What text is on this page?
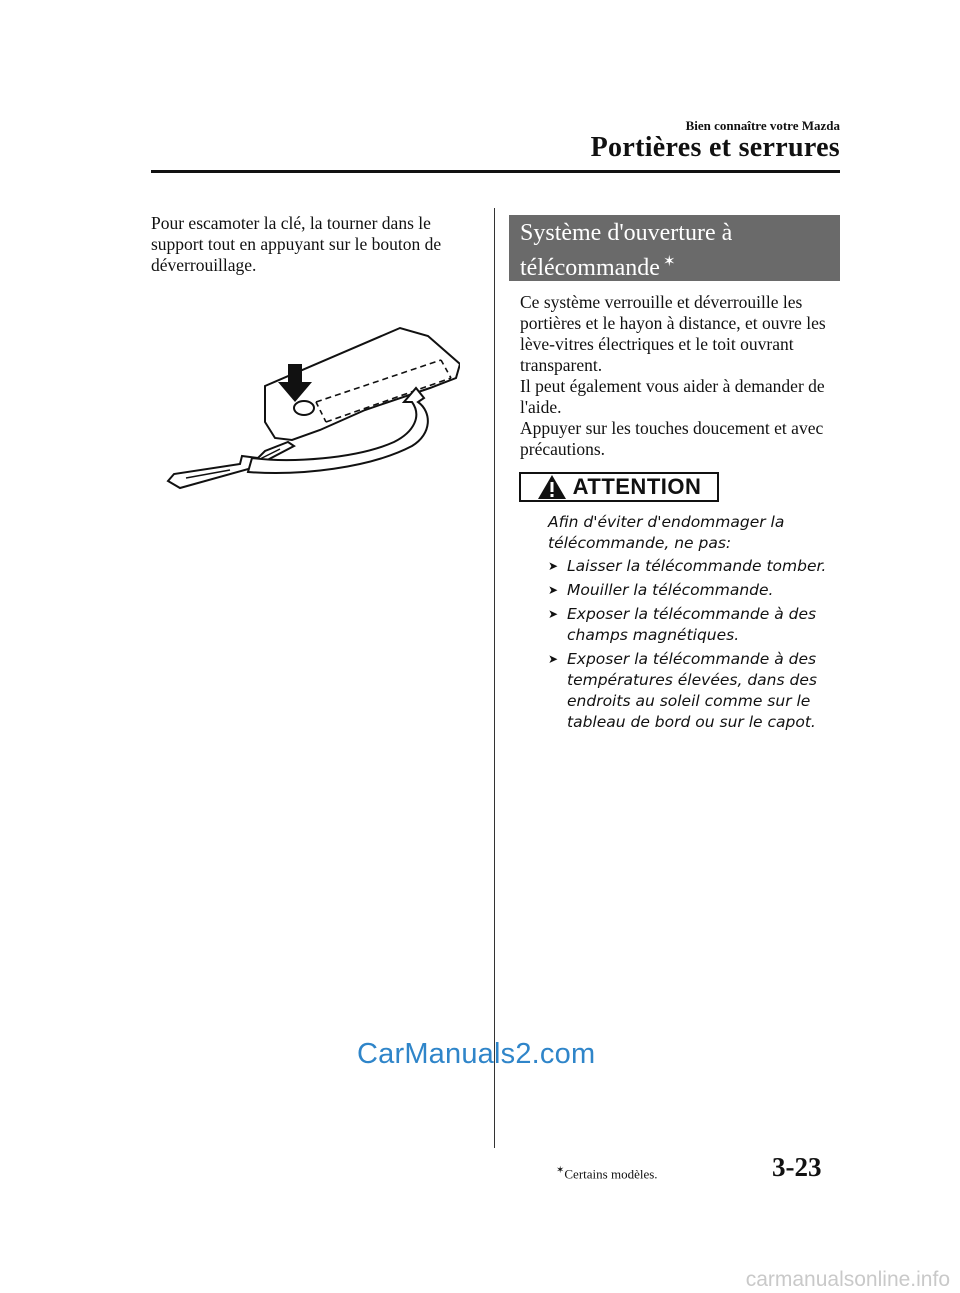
Bien connaître votre Mazda
Portières et serrures
Pour escamoter la clé, la tourner dans le support tout en appuyant sur le bouton de déverrouillage.
Système d'ouverture à télécommande ✶

Ce système verrouille et déverrouille les portières et le hayon à distance, et ouvre les lève-vitres électriques et le toit ouvrant transparent.

Il peut également vous aider à demander de l'aide.

Appuyer sur les touches doucement et avec précautions.

ATTENTION
Afin d'éviter d'endommager la télécommande, ne pas:
➤ Laisser la télécommande tomber.
➤ Mouiller la télécommande.
➤ Exposer la télécommande à des champs magnétiques.
➤ Exposer la télécommande à des températures élevées, dans des endroits au soleil comme sur le tableau de bord ou sur le capot.
CarManuals2.com
✶Certains modèles.	3-23
carmanualsonline.info
